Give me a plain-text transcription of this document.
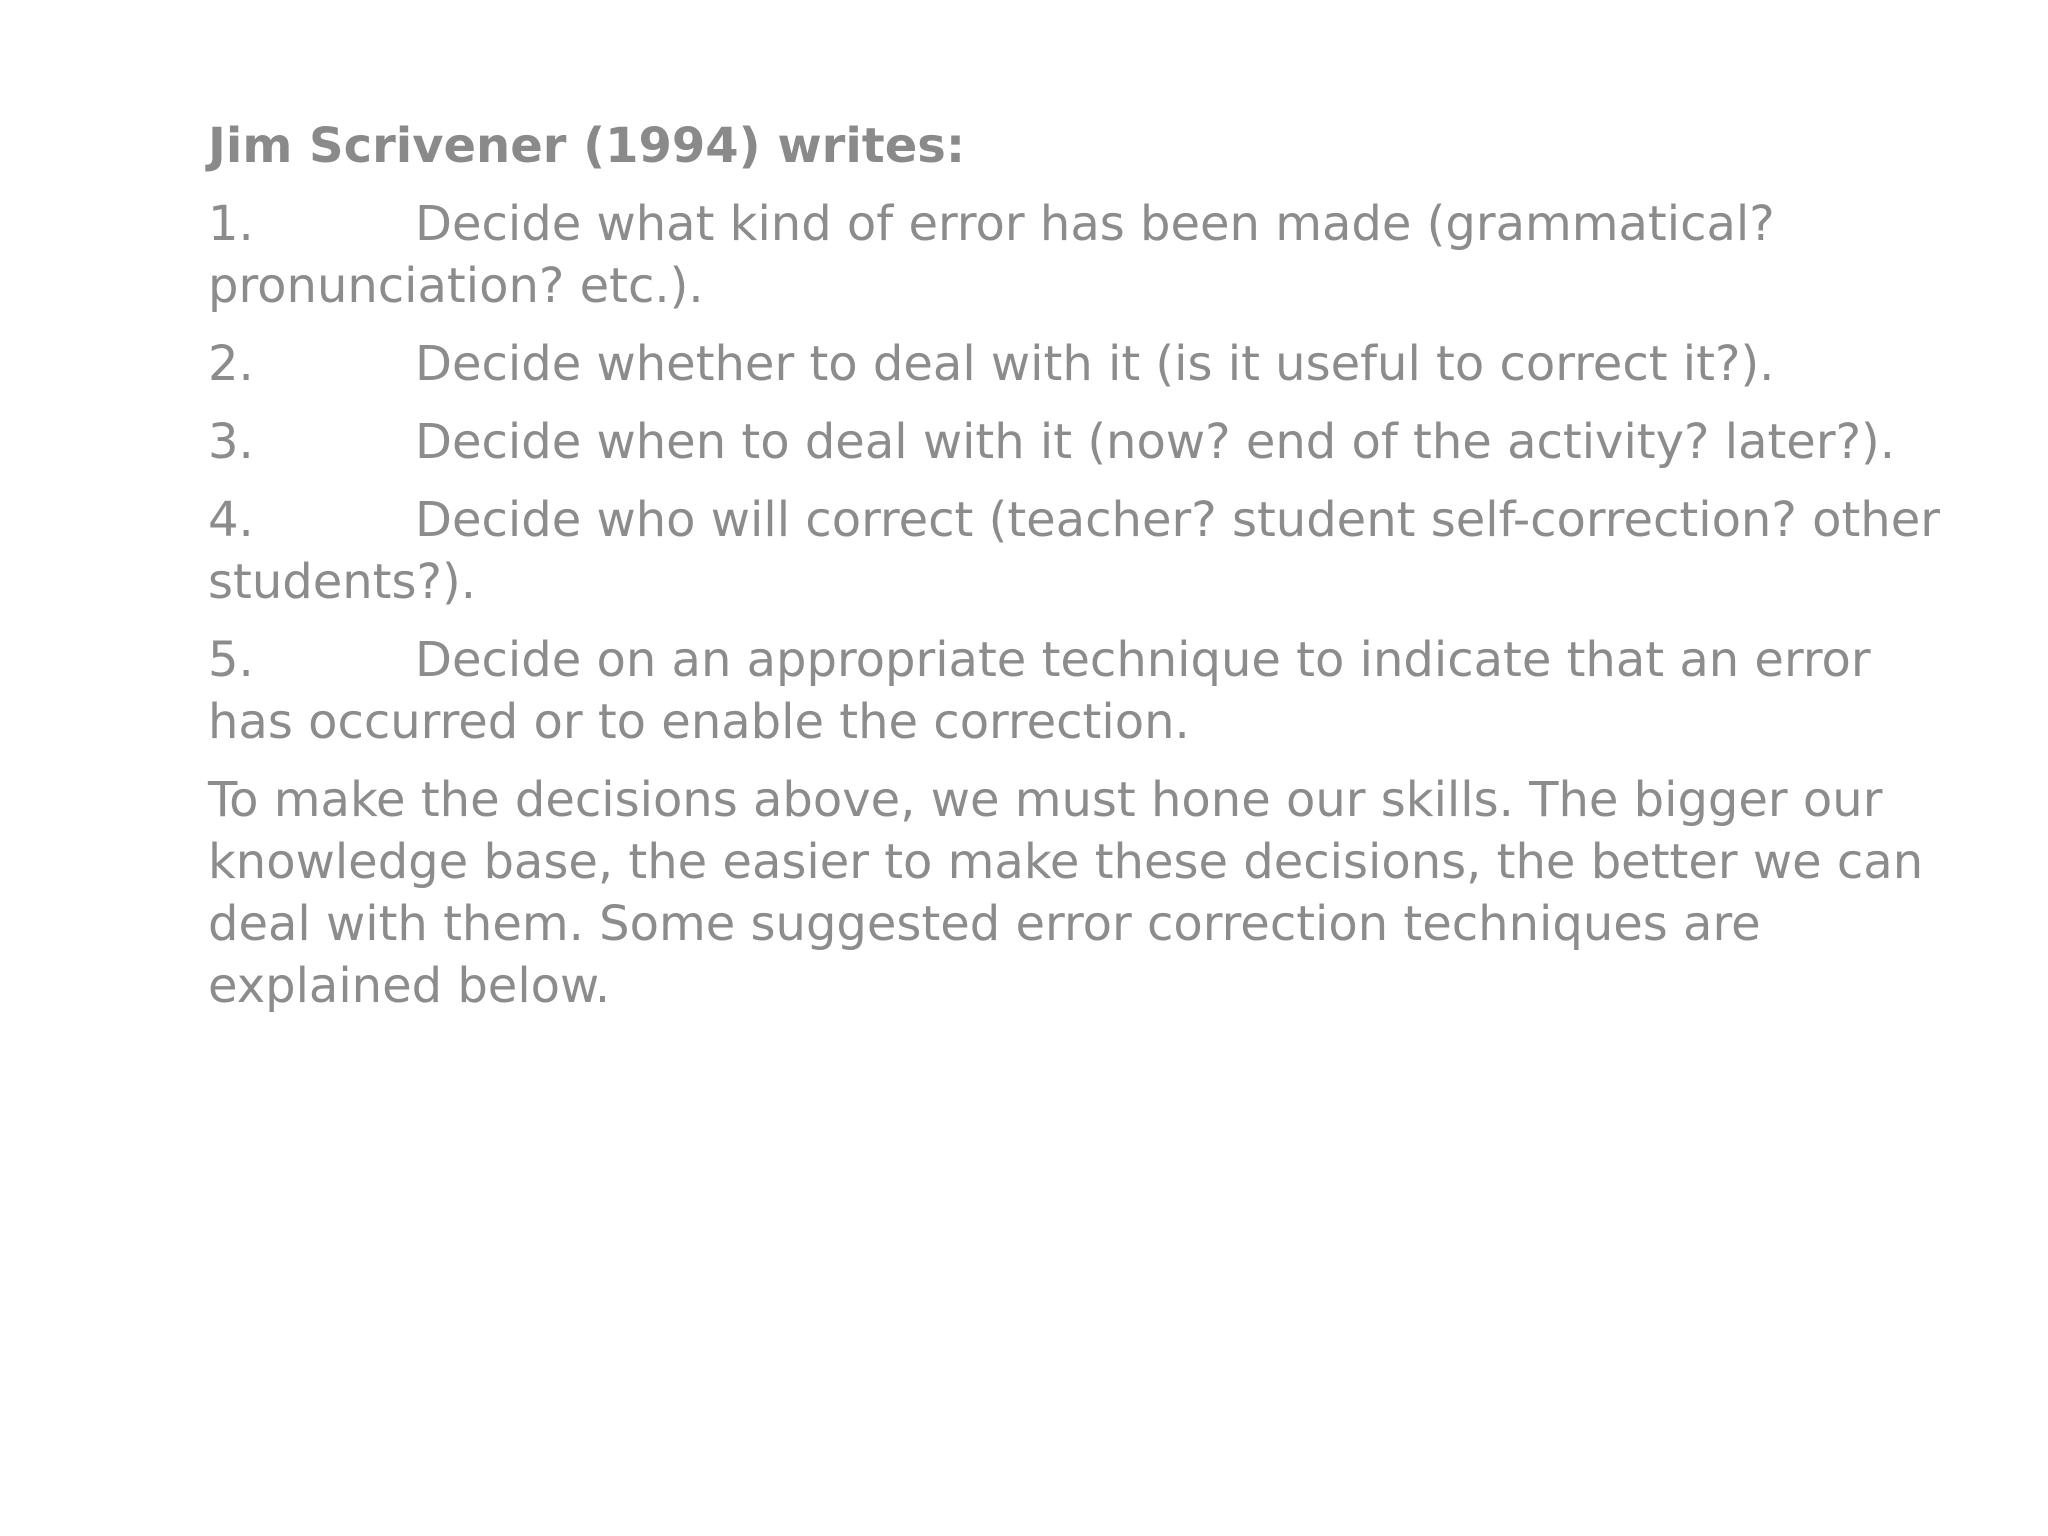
Jim Scrivener (1994) writes:

1.	Decide what kind of error has been made (grammatical? pronunciation? etc.).

2.	Decide whether to deal with it (is it useful to correct it?).

3.	Decide when to deal with it (now? end of the activity? later?).

4.	Decide who will correct (teacher? student self-correction? other students?).

5.	Decide on an appropriate technique to indicate that an error has occurred or to enable the correction.

To make the decisions above, we must hone our skills. The bigger our knowledge base, the easier to make these decisions, the better we can deal with them. Some suggested error correction techniques are explained below.
